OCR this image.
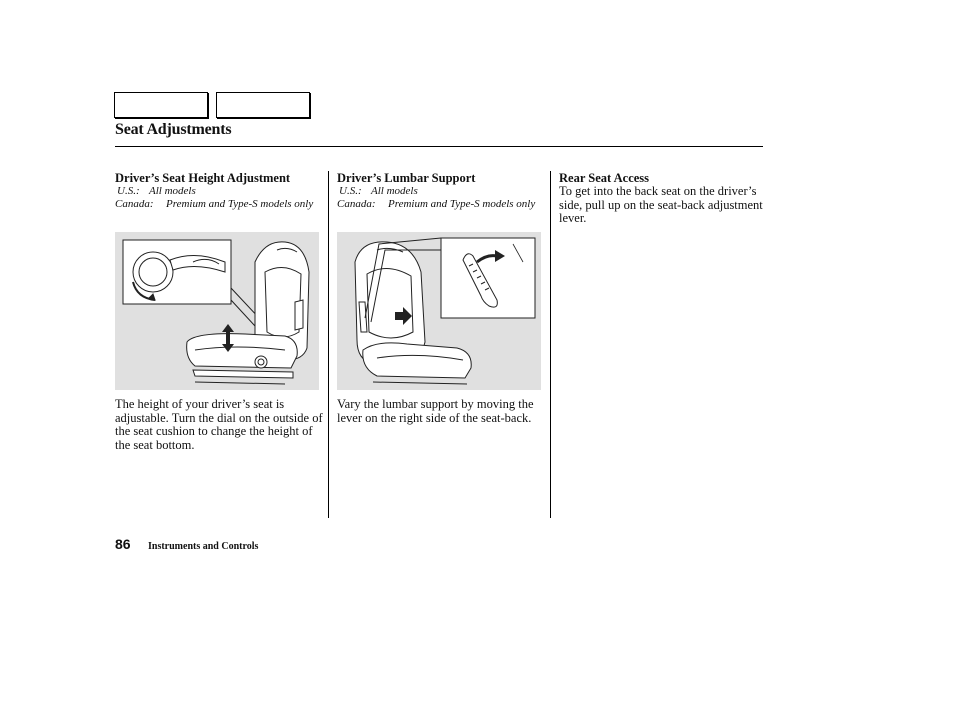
Seat Adjustments

Driver’s Seat Height Adjustment

U.S.: All models
Canada:	Premium and Type-S models only

Driver’s Lumbar Support

U.S.: All models
Canada:	Premium and Type-S models only

Rear Seat Access

To get into the back seat on the driver’s side, pull up on the seat-back adjustment lever.

The height of your driver’s seat is adjustable. Turn the dial on the outside of the seat cushion to change the height of the seat bottom.

Vary the lumbar support by moving the lever on the right side of the seat-back.

86 Instruments and Controls
